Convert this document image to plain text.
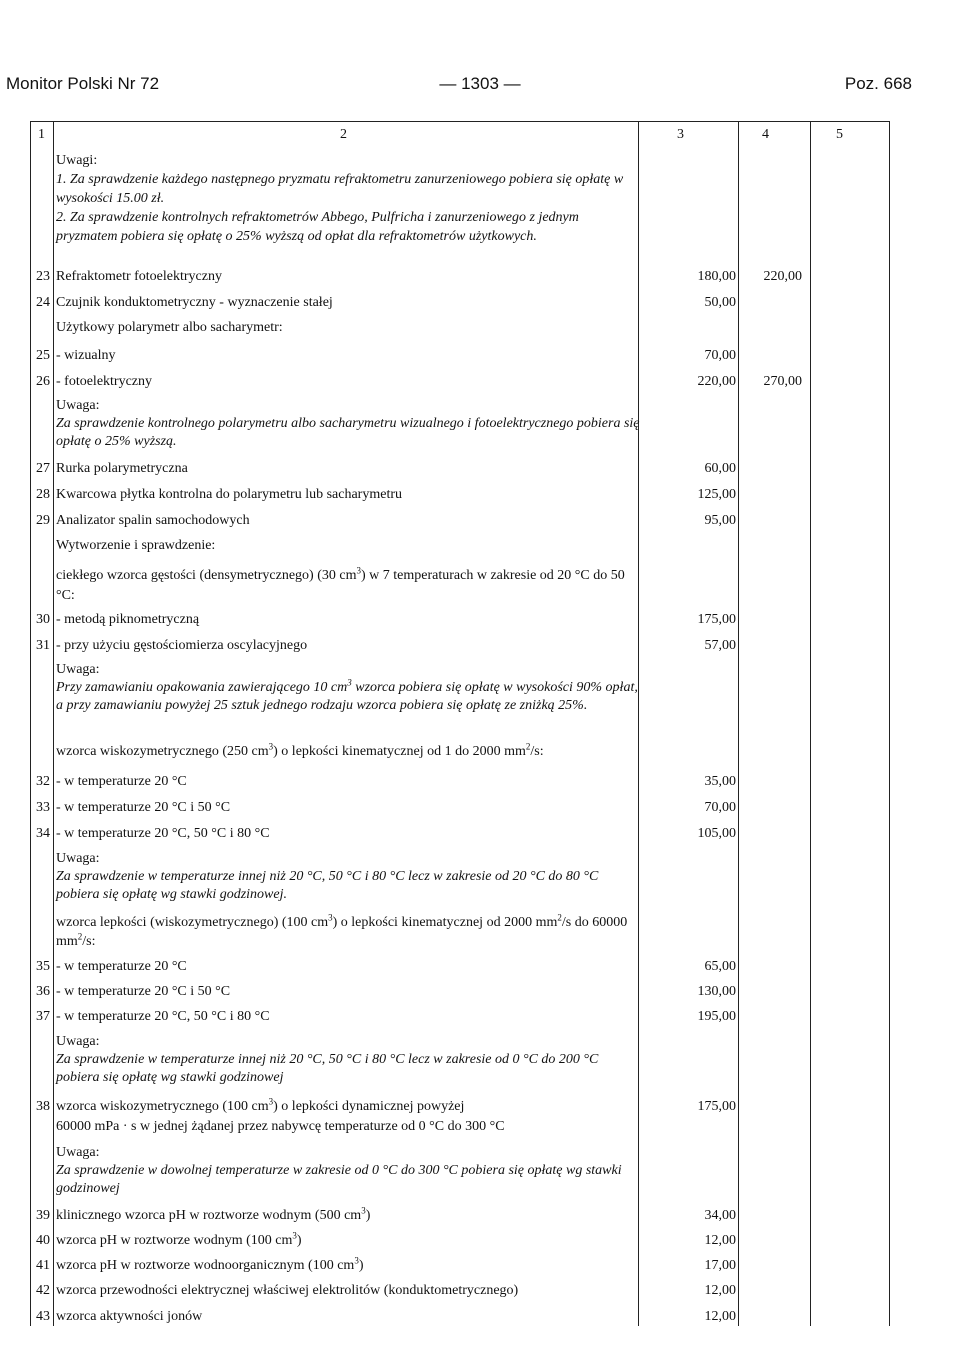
Monitor Polski Nr 72	— 1303 —	Poz. 668
1	2	3	4	5

Uwagi:

1. Za sprawdzenie każdego następnego pryzmatu refraktometru zanurzeniowego pobiera się opłatę w wysokości 15.00 zł.

2. Za sprawdzenie kontrolnych refraktometrów Abbego, Pulfricha i zanurzeniowego z jednym pryzmatem pobiera się opłatę o 25% wyższą od opłat dla refraktometrów użytkowych.

23 Refraktometr fotoelektryczny	180,00	220,00
24 Czujnik konduktometryczny - wyznaczenie stałej	50,00
Użytkowy polarymetr albo sacharymetr:
25 - wizualny	70,00
26 - fotoelektryczny	220,00	270,00

Uwaga:

Za sprawdzenie kontrolnego polarymetru albo sacharymetru wizualnego i fotoelektrycznego pobiera się opłatę o 25% wyższą.

27 Rurka polarymetryczna	60,00
28 Kwarcowa płytka kontrolna do polarymetru lub sacharymetru	125,00
29 Analizator spalin samochodowych	95,00
Wytworzenie i sprawdzenie:
ciekłego wzorca gęstości (densymetrycznego) (30 $cm^3$) w 7 temperaturach w zakresie od 20 °C do 50 °C:
30 - metodą piknometryczną	175,00
31 - przy użyciu gęstościomierza oscylacyjnego	57,00

Uwaga:

Przy zamawianiu opakowania zawierającego 10 $cm^3$ wzorca pobiera się opłatę w wysokości 90% opłat, a przy zamawianiu powyżej 25 sztuk jednego rodzaju wzorca pobiera się opłatę ze zniżką 25%.

wzorca wiskozymetrycznego (250 $cm^3$) o lepkości kinematycznej od 1 do 2000 $mm^2/s$:
32 - w temperaturze 20 °C	35,00
33 - w temperaturze 20 °C i 50 °C	70,00
34 - w temperaturze 20 °C, 50 °C i 80 °C	105,00

Uwaga:

Za sprawdzenie w temperaturze innej niż 20 °C, 50 °C i 80 °C lecz w zakresie od 20 °C do 80 °C pobiera się opłatę wg stawki godzinowej.

wzorca lepkości (wiskozymetrycznego) (100 $cm^3$) o lepkości kinematycznej od 2000 $mm^2/s$ do 60000 $mm^2/s$:
35 - w temperaturze 20 °C	65,00
36 - w temperaturze 20 °C i 50 °C	130,00
37 - w temperaturze 20 °C, 50 °C i 80 °C	195,00

Uwaga:

Za sprawdzenie w temperaturze innej niż 20 °C, 50 °C i 80 °C lecz w zakresie od 0 °C do 200 °C pobiera się opłatę wg stawki godzinowej

38 wzorca wiskozymetrycznego (100 $cm^3$) o lepkości dynamicznej powyżej
60000 mPa · s w jednej żądanej przez nabywcę temperaturze od 0 °C do 300 °C
175,00

Uwaga:

Za sprawdzenie w dowolnej temperaturze w zakresie od 0 °C do 300 °C pobiera się opłatę wg stawki godzinowej

39 klinicznego wzorca pH w roztworze wodnym (500 $cm^3$)	34,00
40 wzorca pH w roztworze wodnym (100 $cm^3$)	12,00
41 wzorca pH w roztworze wodnoorganicznym (100 $cm^3$)	17,00
42 wzorca przewodności elektrycznej właściwej elektrolitów (konduktometrycznego)	12,00
43 wzorca aktywności jonów	12,00
